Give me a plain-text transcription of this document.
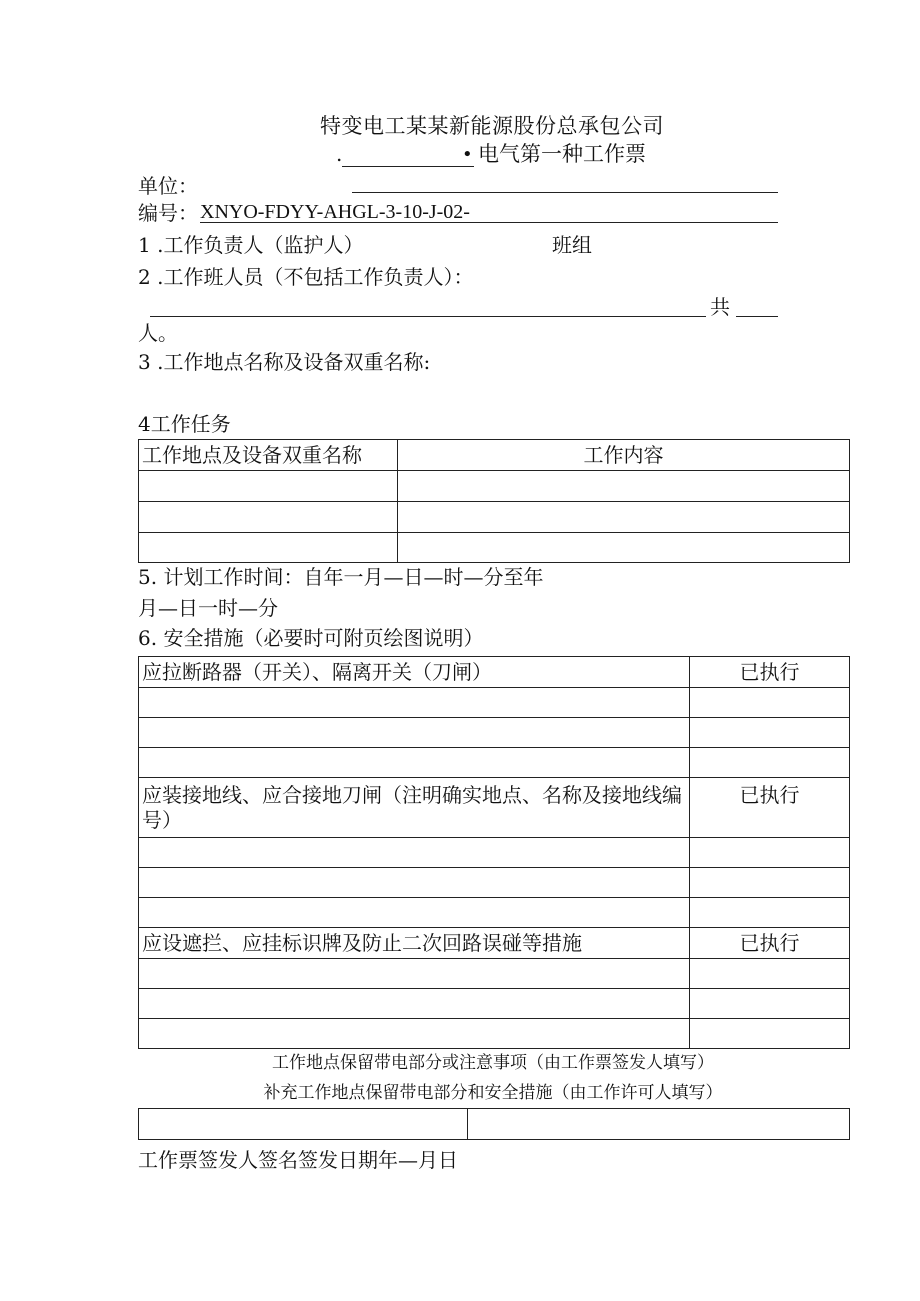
特变电工某某新能源股份总承包公司
.	• 电气第一种工作票
单位：
编号： XNYO-FDYY-AHGL-3-10-J-02-
1 .工作负责人（监护人）	班组
2 .工作班人员（不包括工作负责人）：
共
人。
3 .工作地点名称及设备双重名称:
4工作任务
工作地点及设备双重名称	工作内容

5. 计划工作时间：自年一月—日—时—分至年
月—日一时—分
6. 安全措施（必要时可附页绘图说明）
应拉断路器（开关）、隔离开关（刀闸）	已执行

应装接地线、应合接地刀闸（注明确实地点、名称及接地线编号）	已执行

应设遮拦、应挂标识牌及防止二次回路误碰等措施	已执行

工作地点保留带电部分或注意事项（由工作票签发人填写）
补充工作地点保留带电部分和安全措施（由工作许可人填写）

工作票签发人签名签发日期年—月日
